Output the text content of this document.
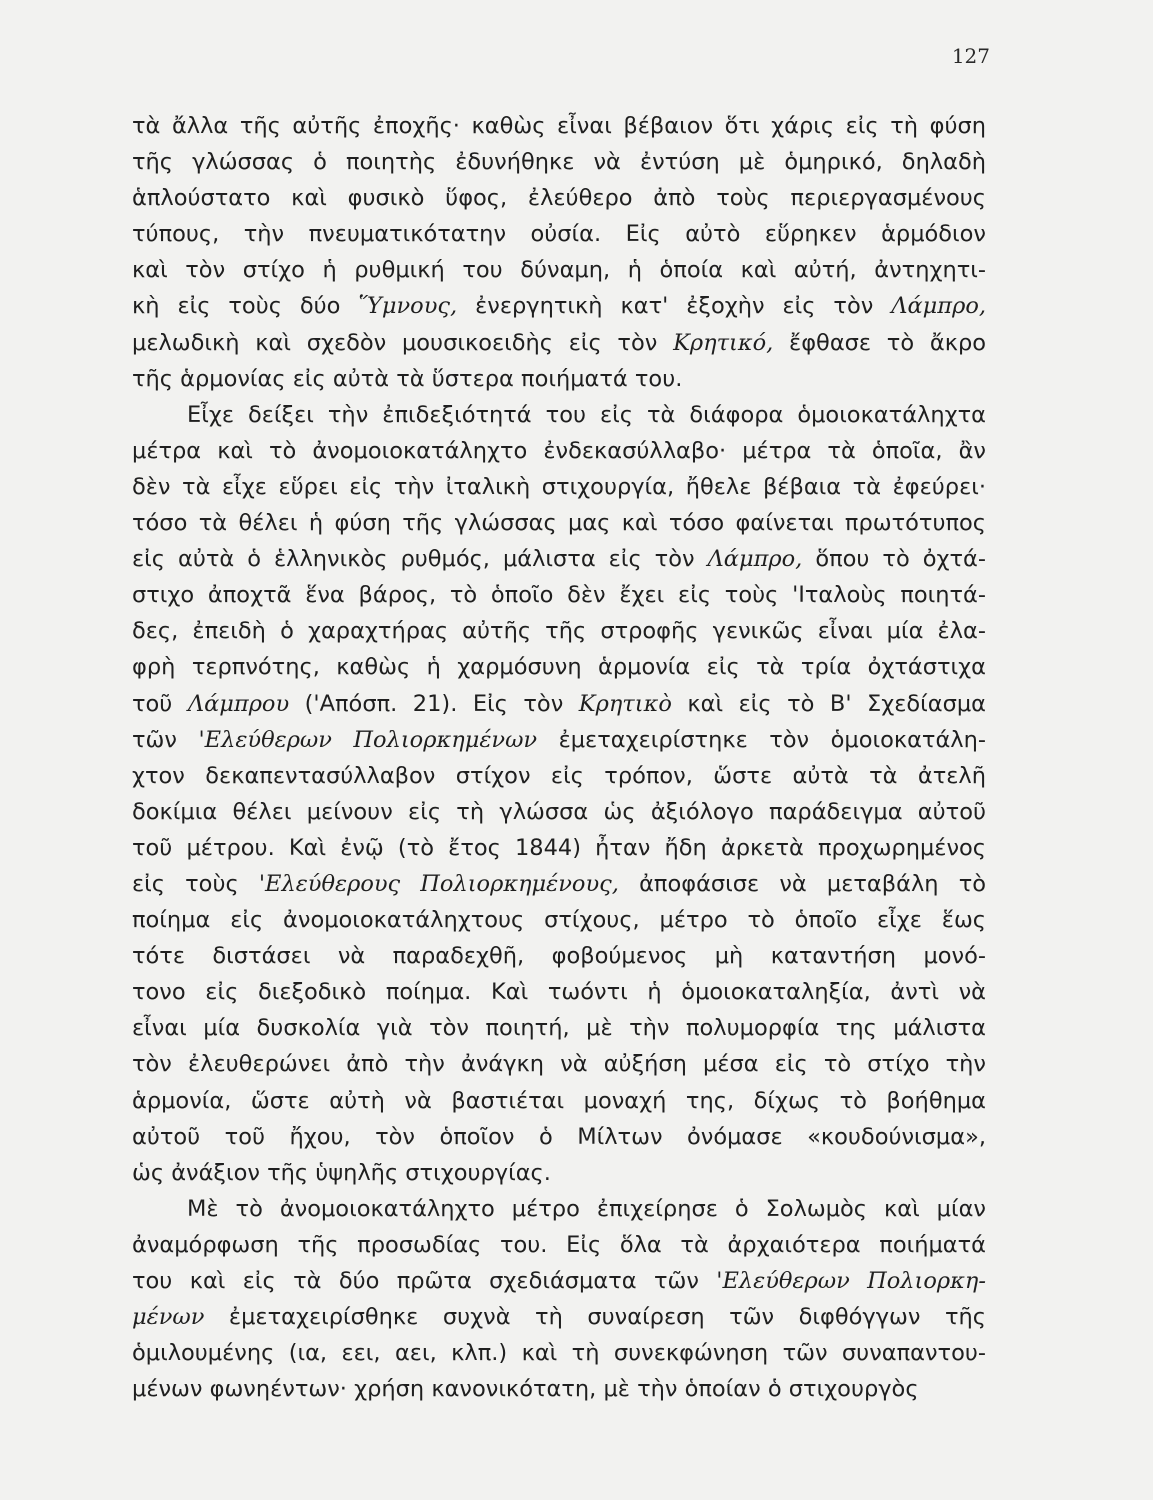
127
τὰ ἄλλα τῆς αὐτῆς ἐποχῆς· καθὼς εἶναι βέβαιον ὅτι χάρις εἰς τὴ φύση
τῆς γλώσσας ὁ ποιητὴς ἐδυνήθηκε νὰ ἐντύση μὲ ὁμηρικό, δηλαδὴ
ἁπλούστατο καὶ φυσικὸ ὕφος, ἐλεύθερο ἀπὸ τοὺς περιεργασμένους
τύπους, τὴν πνευματικότατην οὐσία. Εἰς αὐτὸ εὕρηκεν ἁρμόδιον
καὶ τὸν στίχο ἡ ρυθμική του δύναμη, ἡ ὁποία καὶ αὐτή, ἀντηχητι-
κὴ εἰς τοὺς δύο Ὕμνους, ἐνεργητικὴ κατ' ἐξοχὴν εἰς τὸν Λάμπρο,
μελωδικὴ καὶ σχεδὸν μουσικοειδὴς εἰς τὸν Κρητικό, ἔφθασε τὸ ἄκρο
τῆς ἁρμονίας εἰς αὐτὰ τὰ ὕστερα ποιήματά του.
Εἶχε δείξει τὴν ἐπιδεξιότητά του εἰς τὰ διάφορα ὁμοιοκατάληχτα
μέτρα καὶ τὸ ἀνομοιοκατάληχτο ἐνδεκασύλλαβο· μέτρα τὰ ὁποῖα, ἂν
δὲν τὰ εἶχε εὕρει εἰς τὴν ἰταλικὴ στιχουργία, ἤθελε βέβαια τὰ ἐφεύρει·
τόσο τὰ θέλει ἡ φύση τῆς γλώσσας μας καὶ τόσο φαίνεται πρωτότυπος
εἰς αὐτὰ ὁ ἑλληνικὸς ρυθμός, μάλιστα εἰς τὸν Λάμπρο, ὅπου τὸ ὀχτά-
στιχο ἀποχτᾶ ἕνα βάρος, τὸ ὁποῖο δὲν ἔχει εἰς τοὺς 'Ιταλοὺς ποιητά-
δες, ἐπειδὴ ὁ χαραχτήρας αὐτῆς τῆς στροφῆς γενικῶς εἶναι μία ἐλα-
φρὴ τερπνότης, καθὼς ἡ χαρμόσυνη ἁρμονία εἰς τὰ τρία ὀχτάστιχα
τοῦ Λάμπρου ('Απόσπ. 21). Εἰς τὸν Κρητικὸ καὶ εἰς τὸ Β' Σχεδίασμα
τῶν 'Ελεύθερων Πολιορκημένων ἐμεταχειρίστηκε τὸν ὁμοιοκατάλη-
χτον δεκαπεντασύλλαβον στίχον εἰς τρόπον, ὥστε αὐτὰ τὰ ἀτελῆ
δοκίμια θέλει μείνουν εἰς τὴ γλώσσα ὡς ἀξιόλογο παράδειγμα αὐτοῦ
τοῦ μέτρου. Καὶ ἐνῷ (τὸ ἔτος 1844) ἦταν ἤδη ἀρκετὰ προχωρημένος
εἰς τοὺς 'Ελεύθερους Πολιορκημένους, ἀποφάσισε νὰ μεταβάλη τὸ
ποίημα εἰς ἀνομοιοκατάληχτους στίχους, μέτρο τὸ ὁποῖο εἶχε ἕως
τότε διστάσει νὰ παραδεχθῆ, φοβούμενος μὴ καταντήση μονό-
τονο εἰς διεξοδικὸ ποίημα. Καὶ τωόντι ἡ ὁμοιοκαταληξία, ἀντὶ νὰ
εἶναι μία δυσκολία γιὰ τὸν ποιητή, μὲ τὴν πολυμορφία της μάλιστα
τὸν ἐλευθερώνει ἀπὸ τὴν ἀνάγκη νὰ αὐξήση μέσα εἰς τὸ στίχο τὴν
ἁρμονία, ὥστε αὐτὴ νὰ βαστιέται μοναχή της, δίχως τὸ βοήθημα
αὐτοῦ τοῦ ἤχου, τὸν ὁποῖον ὁ Μίλτων ὀνόμασε «κουδούνισμα»,
ὡς ἀνάξιον τῆς ὑψηλῆς στιχουργίας.
Μὲ τὸ ἀνομοιοκατάληχτο μέτρο ἐπιχείρησε ὁ Σολωμὸς καὶ μίαν
ἀναμόρφωση τῆς προσωδίας του. Εἰς ὅλα τὰ ἀρχαιότερα ποιήματά
του καὶ εἰς τὰ δύο πρῶτα σχεδιάσματα τῶν 'Ελεύθερων Πολιορκη-
μένων ἐμεταχειρίσθηκε συχνὰ τὴ συναίρεση τῶν διφθόγγων τῆς
ὁμιλουμένης (ια, εει, αει, κλπ.) καὶ τὴ συνεκφώνηση τῶν συναπαντου-
μένων φωνηέντων· χρήση κανονικότατη, μὲ τὴν ὁποίαν ὁ στιχουργὸς
